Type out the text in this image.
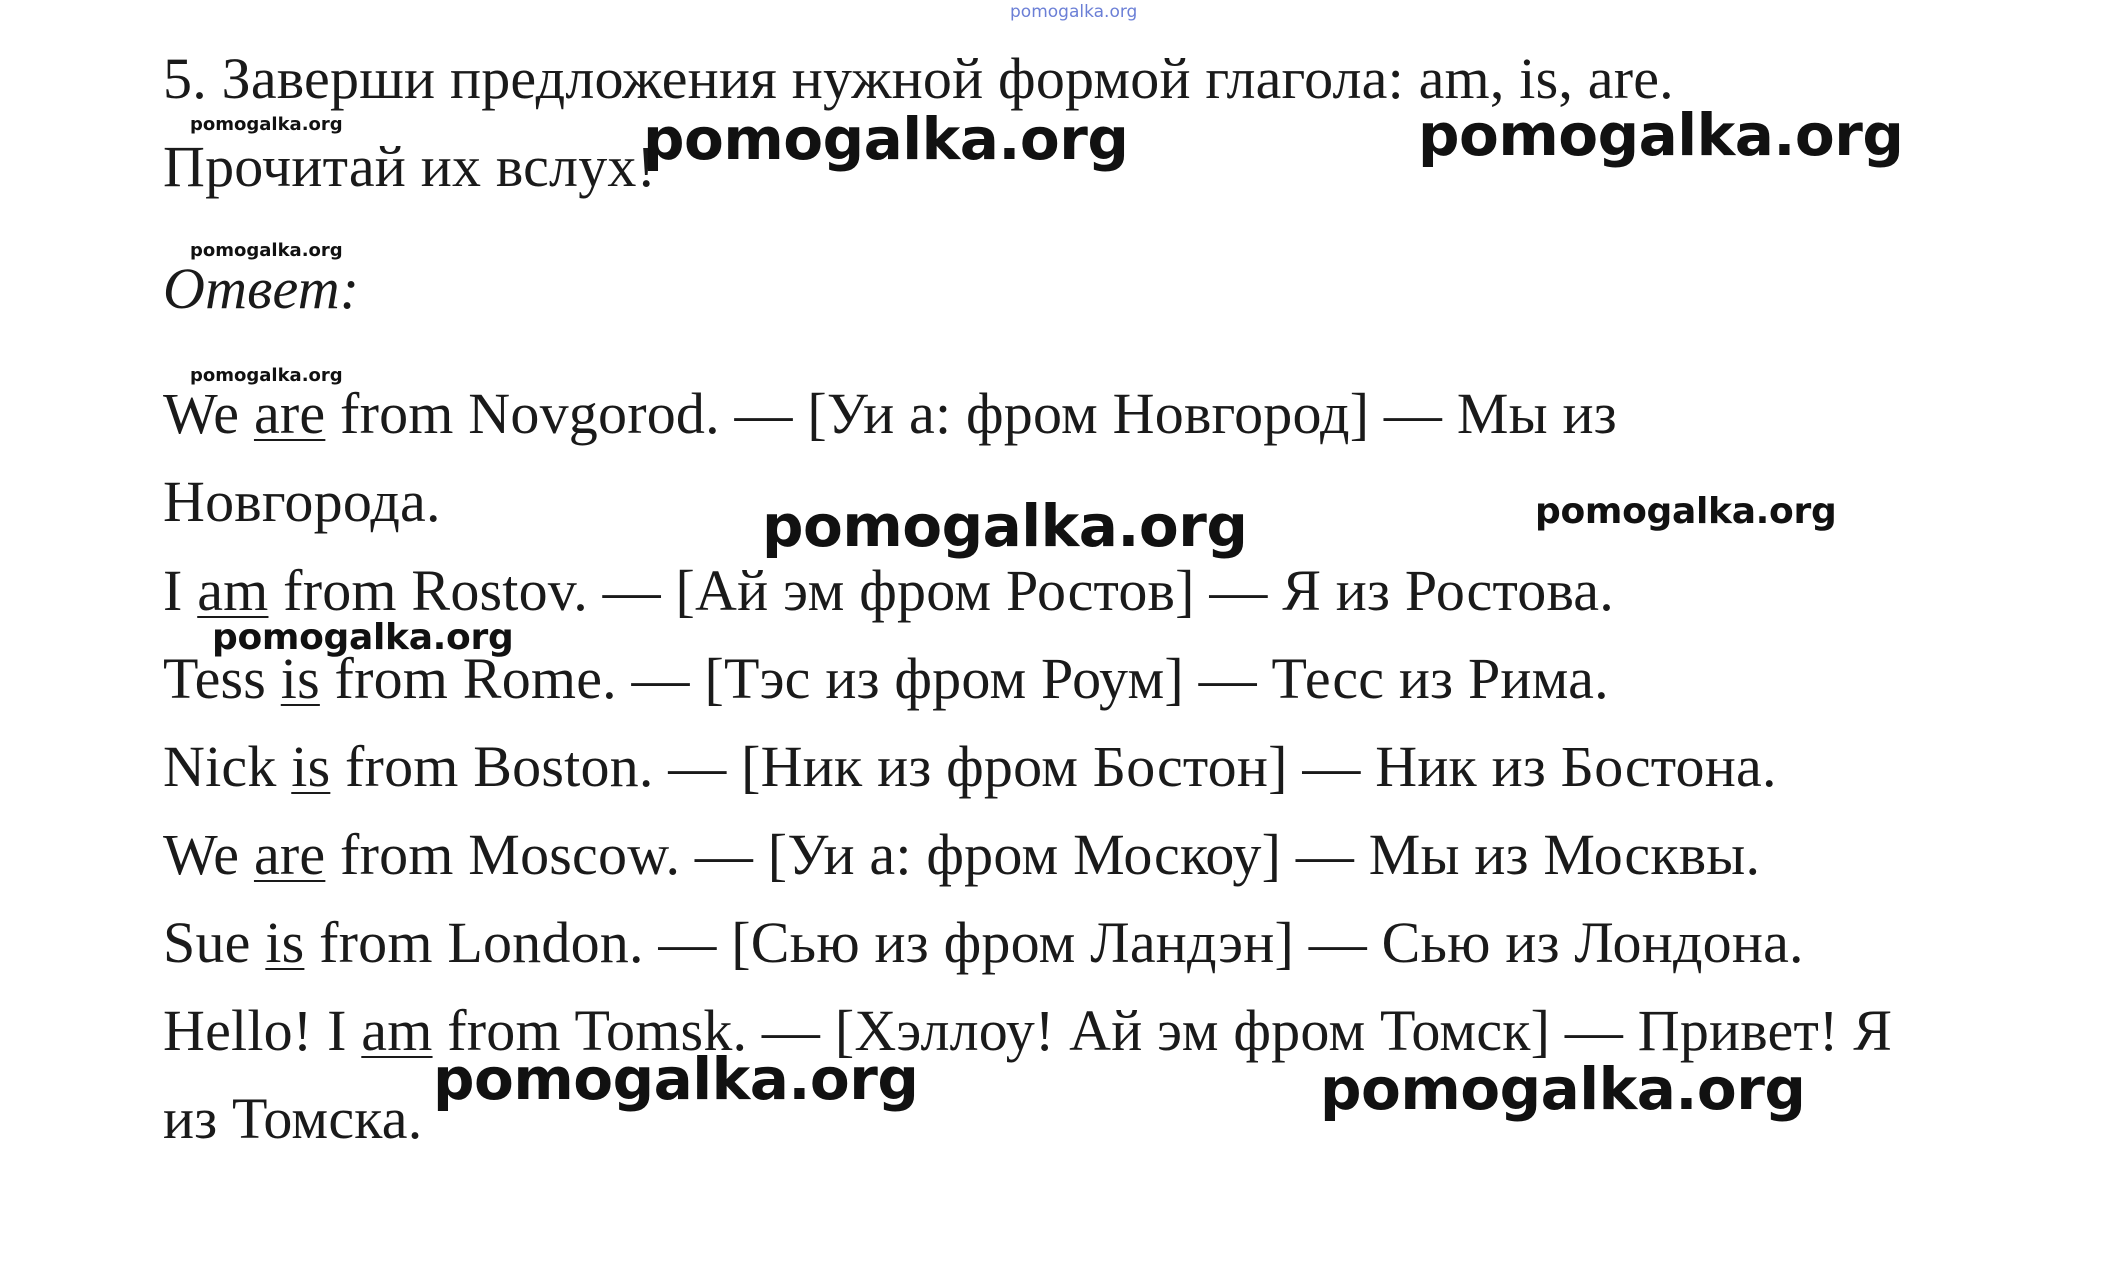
pomogalka.org
5. Заверши предложения нужной формой глагола: am, is, are.
Прочитай их вслух!
Ответ:
We are from Novgorod. — [Уи а: фром Новгород] — Мы из
Новгорода.
I am from Rostov. — [Ай эм фром Ростов] — Я из Ростова.
Tess is from Rome. — [Тэс из фром Роум] — Тесс из Рима.
Nick is from Boston. — [Ник из фром Бостон] — Ник из Бостона.
We are from Moscow. — [Уи а: фром Москоу] — Мы из Москвы.
Sue is from London. — [Сью из фром Ландэн] — Сью из Лондона.
Hello! I am from Tomsk. — [Хэллоу! Ай эм фром Томск] — Привет! Я
из Томска.
pomogalka.org
pomogalka.org
pomogalka.org
pomogalka.org
pomogalka.org
pomogalka.org	pomogalka.org
pomogalka.org
pomogalka.org	pomogalka.org
